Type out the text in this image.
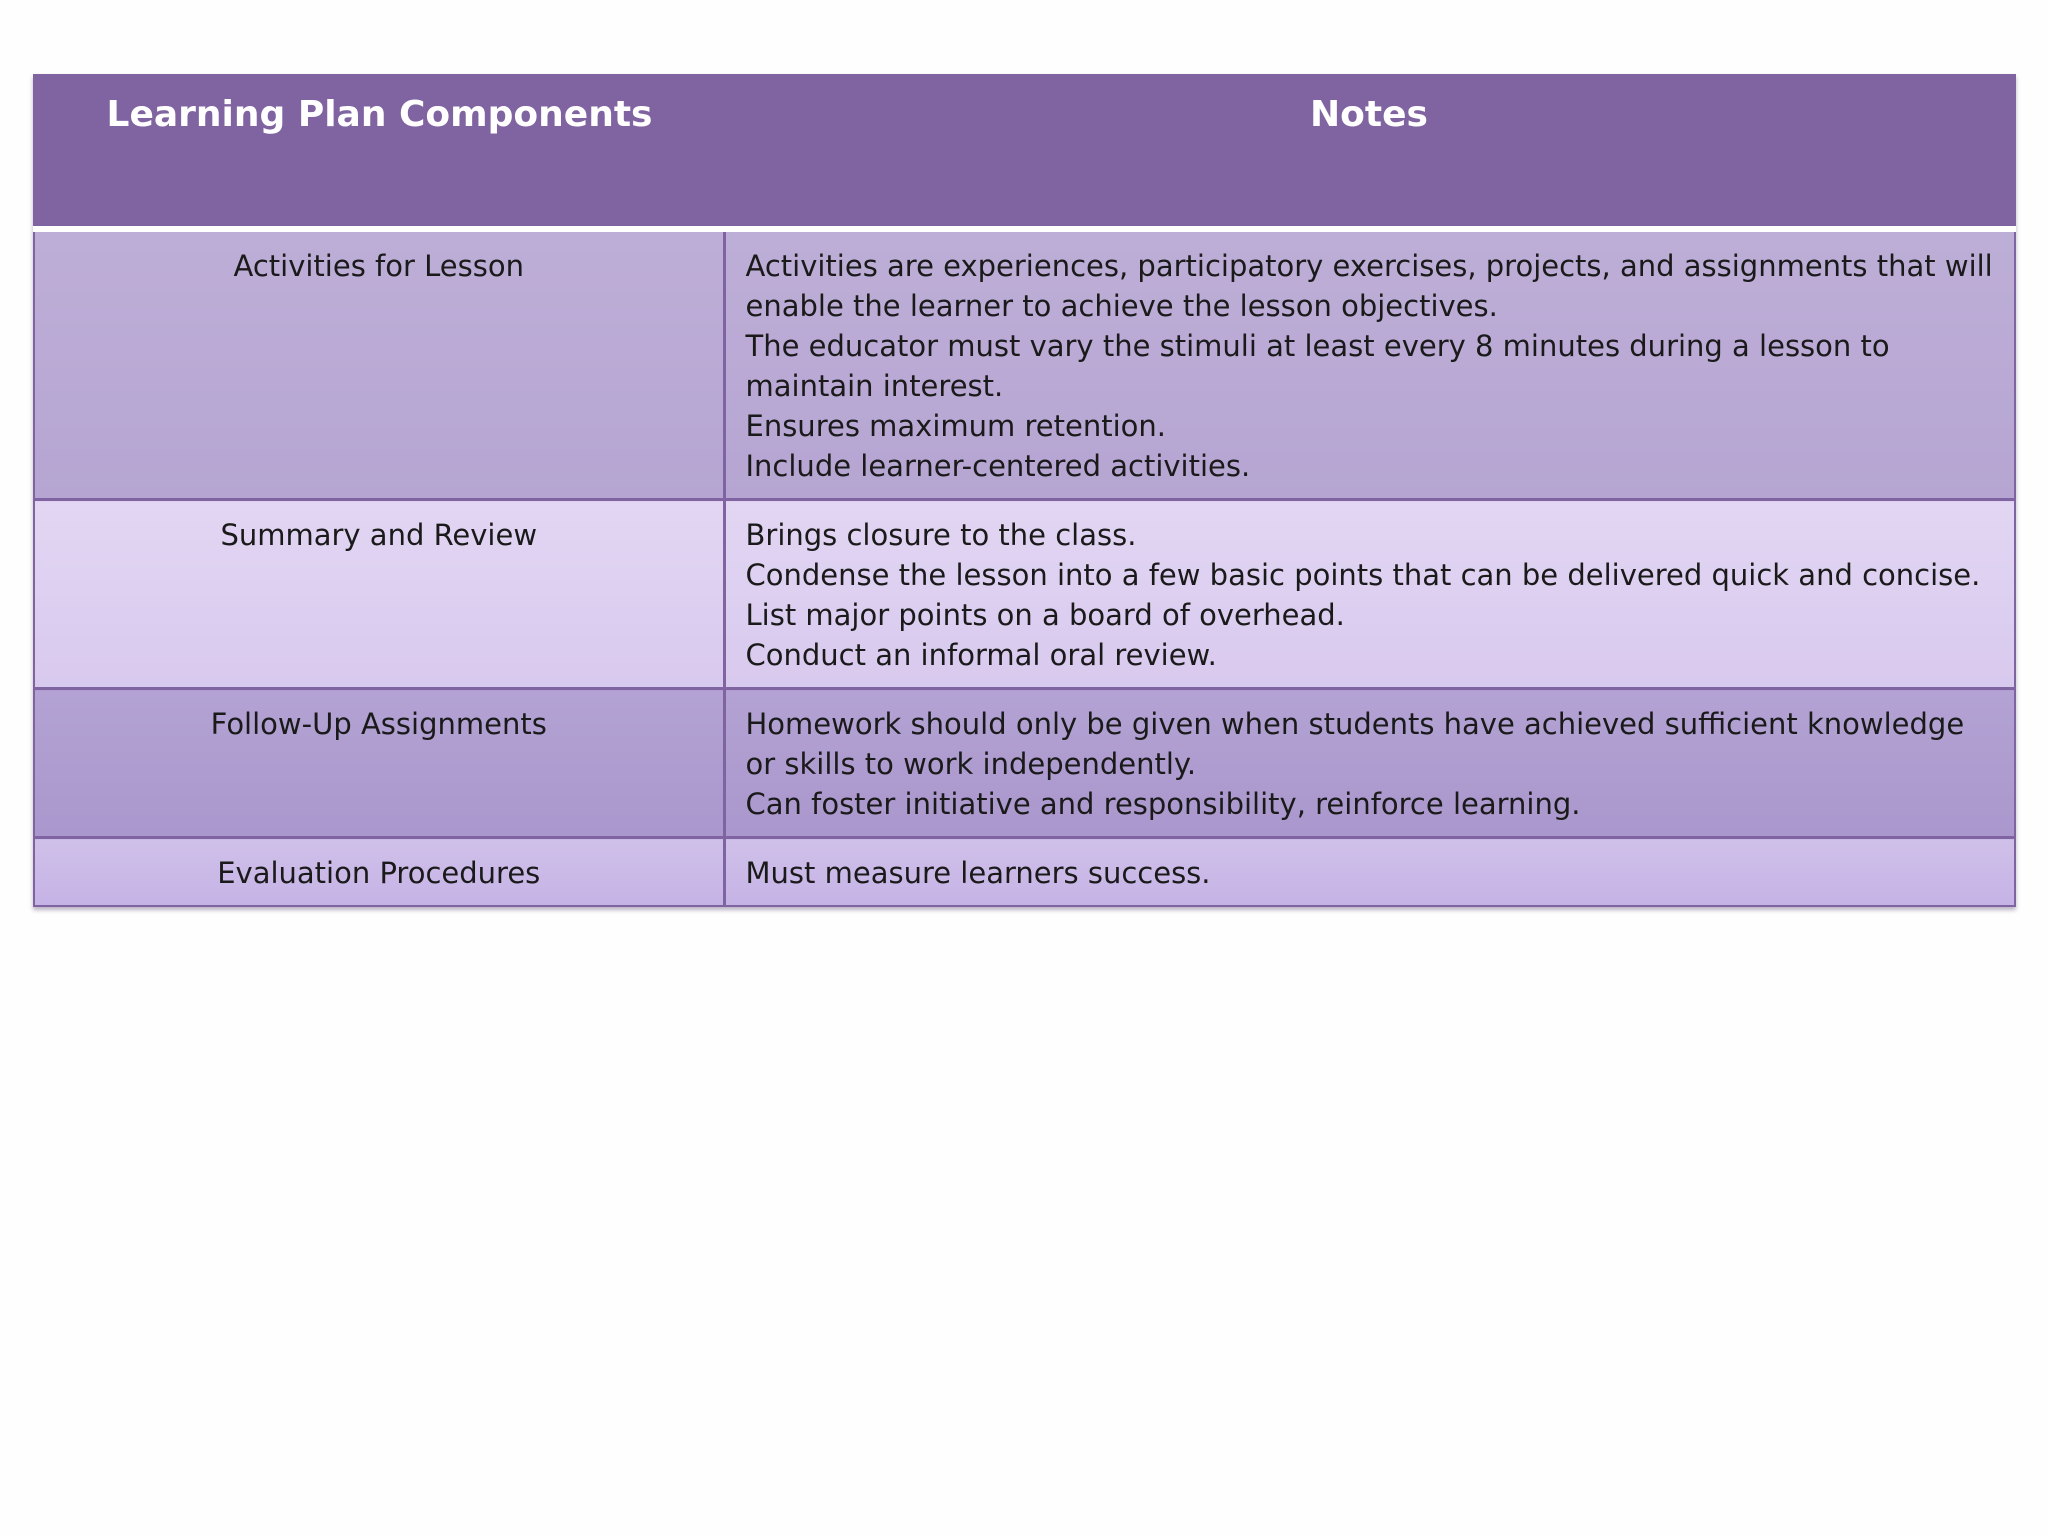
Learning Plan Components	Notes
Activities for Lesson	Activities are experiences, participatory exercises, projects, and assignments that will enable the learner to achieve the lesson objectives.
The educator must vary the stimuli at least every 8 minutes during a lesson to maintain interest.
Ensures maximum retention.
Include learner-centered activities.

Summary and Review	Brings closure to the class.
Condense the lesson into a few basic points that can be delivered quick and concise.
List major points on a board of overhead.
Conduct an informal oral review.

Follow-Up Assignments	Homework should only be given when students have achieved sufficient knowledge or skills to work independently.
Can foster initiative and responsibility, reinforce learning.

Evaluation Procedures	Must measure learners success.
